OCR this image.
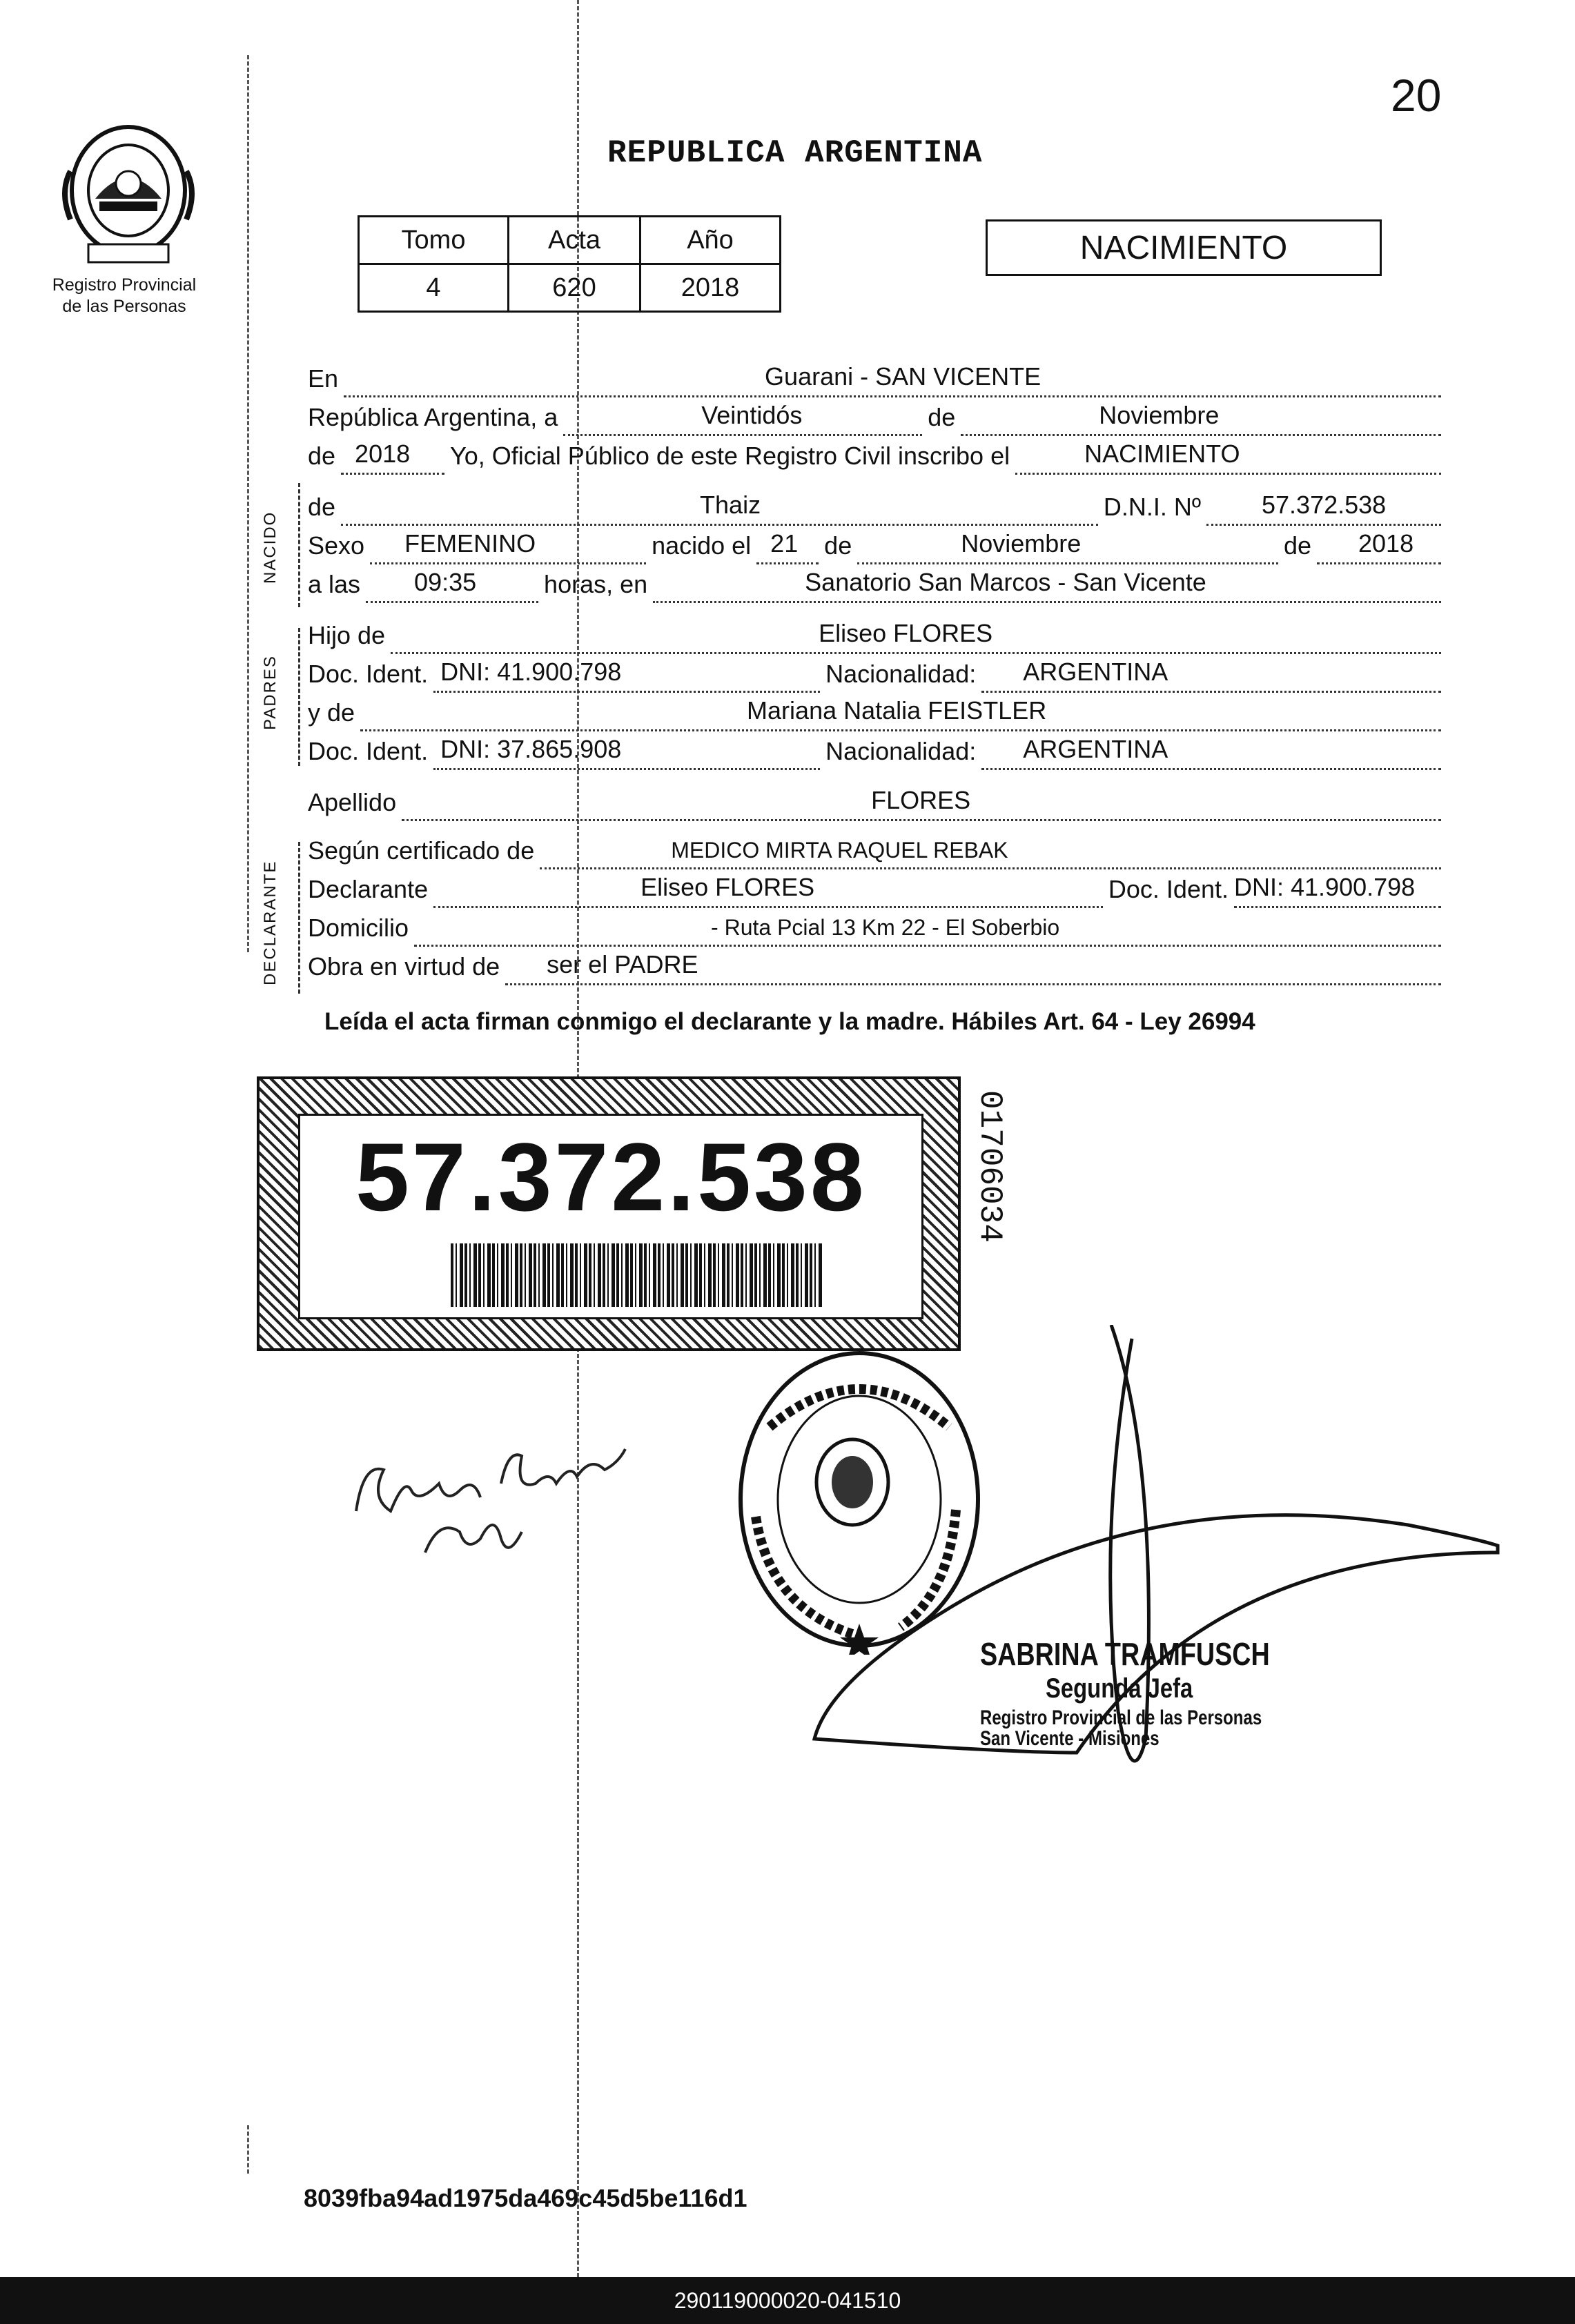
20
REPUBLICA ARGENTINA
Registro Provincial
de las Personas
Tomo	Acta	Año
4	620	2018
NACIMIENTO
NACIDO
PADRES
DECLARANTE
En	Guarani - SAN VICENTE
República Argentina, a	Veintidós	de	Noviembre
de 2018 Yo, Oficial Público de este Registro Civil inscribo el	NACIMIENTO
de	Thaiz	D.N.I. Nº 57.372.538
Sexo FEMENINO	nacido el 21 de	Noviembre	de 2018
a las 09:35	horas, en	Sanatorio San Marcos - San Vicente
Hijo de	Eliseo FLORES
Doc. Ident. DNI: 41.900.798	Nacionalidad: ARGENTINA
y de	Mariana Natalia FEISTLER
Doc. Ident. DNI: 37.865.908	Nacionalidad: ARGENTINA
Apellido	FLORES
Según certificado de	MEDICO MIRTA RAQUEL REBAK
Declarante	Eliseo FLORES	Doc. Ident. DNI: 41.900.798
Domicilio	- Ruta Pcial 13 Km 22 - El Soberbio
Obra en virtud de ser el PADRE
Leída el acta firman conmigo el declarante y la madre. Hábiles Art. 64 - Ley 26994
57.372.538	01706034
SABRINA TRAMFUSCH
Segunda Jefa
Registro Provincial de las Personas
San Vicente - Misiones
8039fba94ad1975da469c45d5be116d1
290119000020-041510
